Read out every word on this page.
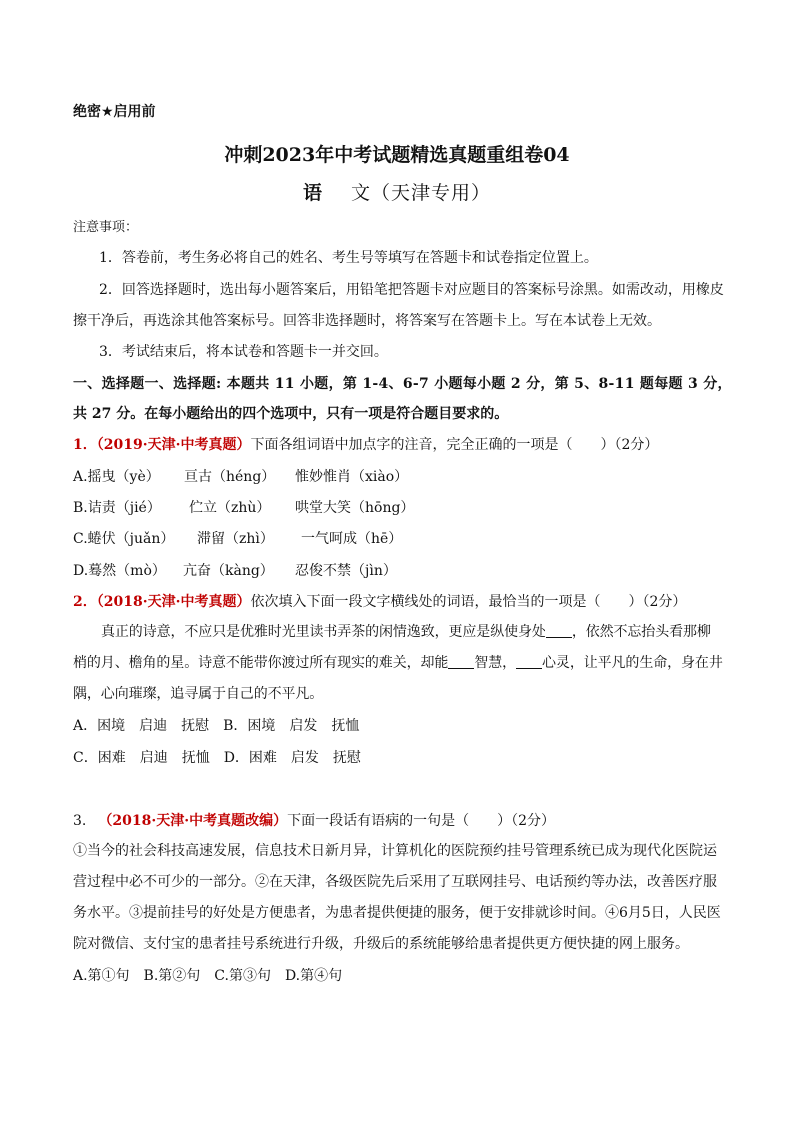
绝密★启用前
冲刺2023年中考试题精选真题重组卷04
语 文（天津专用）
注意事项：
1．答卷前，考生务必将自己的姓名、考生号等填写在答题卡和试卷指定位置上。
2．回答选择题时，选出每小题答案后，用铅笔把答题卡对应题目的答案标号涂黑。如需改动，用橡皮
擦干净后，再选涂其他答案标号。回答非选择题时，将答案写在答题卡上。写在本试卷上无效。
3．考试结束后，将本试卷和答题卡一并交回。
一、选择题一、选择题: 本题共 11 小题，第 1-4、6-7 小题每小题 2 分，第 5、8-11 题每题 3 分，
共 27 分。在每小题给出的四个选项中，只有一项是符合题目要求的。
1．（2019·天津·中考真题）下面各组词语中加点字的注音，完全正确的一项是（　　）（2分）
A.摇曳（yè） 亘古（héng） 惟妙惟肖（xiào）
B.诘责（jié） 伫立（zhù） 哄堂大笑（hōng）
C.蜷伏（juǎn） 滞留（zhì） 一气呵成（hē）
D.蓦然（mò） 亢奋（kàng） 忍俊不禁（jìn）
2．（2018·天津·中考真题）依次填入下面一段文字横线处的词语，最恰当的一项是（　　）（2分）
真正的诗意，不应只是优雅时光里读书弄茶的闲情逸致，更应是纵使身处 ，依然不忘抬头看那柳梢的月、檐角的星。诗意不能带你渡过所有现实的难关，却能 智慧， 心灵，让平凡的生命，身在井隅，心向璀璨，追寻属于自己的不平凡。
A．困境　启迪　抚慰　B．困境　启发　抚恤
C．困难　启迪　抚恤　D．困难　启发　抚慰
3. （2018·天津·中考真题改编）下面一段话有语病的一句是（　　）（2分）
①当今的社会科技高速发展，信息技术日新月异，计算机化的医院预约挂号管理系统已成为现代化医院运营过程中必不可少的一部分。②在天津，各级医院先后采用了互联网挂号、电话预约等办法，改善医疗服务水平。③提前挂号的好处是方便患者，为患者提供便捷的服务，便于安排就诊时间。④6月5日，人民医院对微信、支付宝的患者挂号系统进行升级，升级后的系统能够给患者提供更方便快捷的网上服务。
A.第①句　B.第②句　C.第③句　D.第④句
